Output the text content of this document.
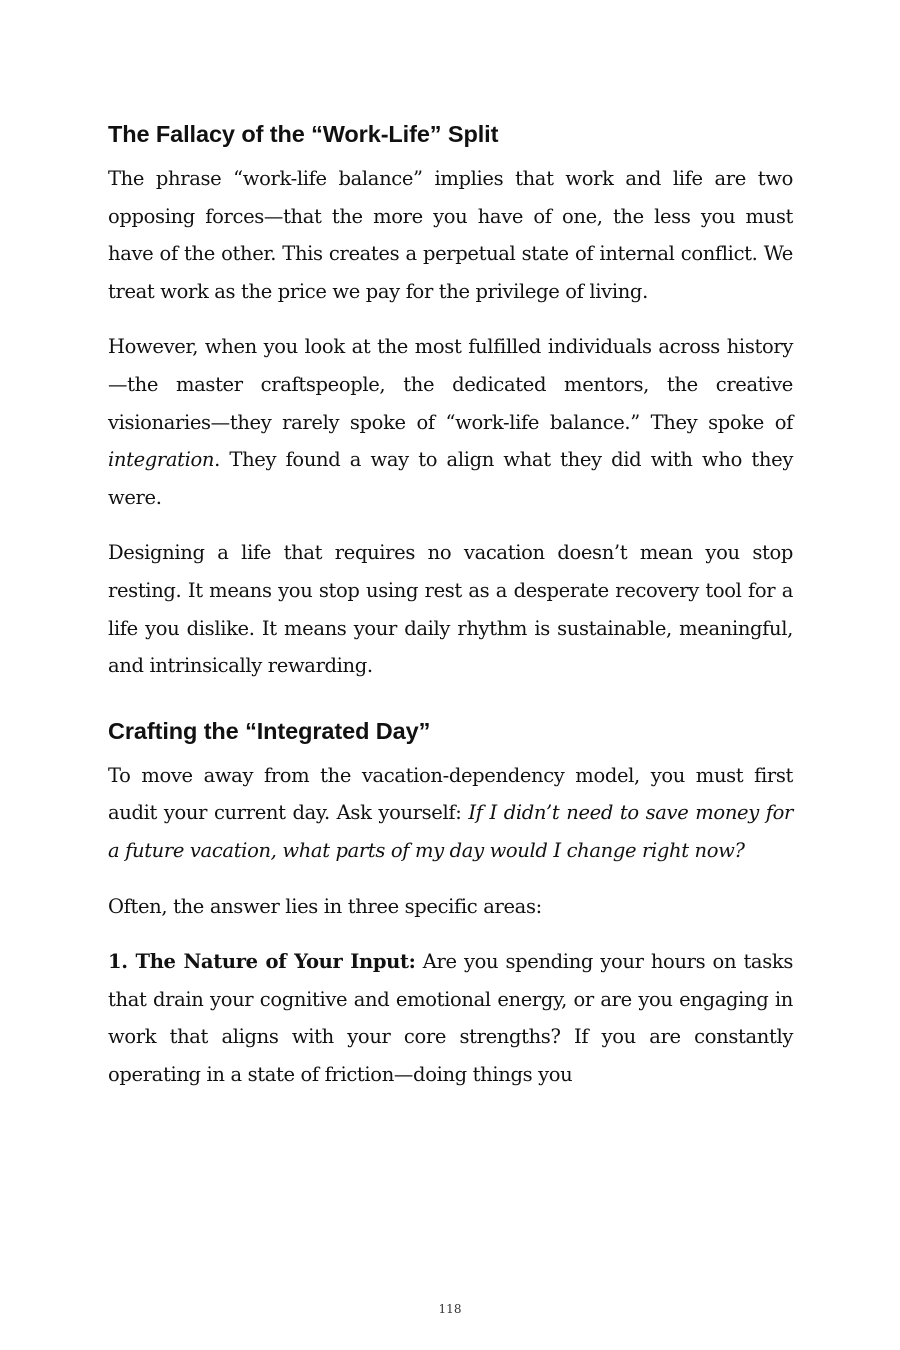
The Fallacy of the “Work-Life” Split

The phrase “work-life balance” implies that work and life are two opposing forces—that the more you have of one, the less you must have of the other. This creates a perpetual state of internal conflict. We treat work as the price we pay for the privilege of living.

However, when you look at the most fulfilled individuals across history—the master craftspeople, the dedicated mentors, the creative visionaries—they rarely spoke of “work-life balance.” They spoke of integration. They found a way to align what they did with who they were.

Designing a life that requires no vacation doesn’t mean you stop resting. It means you stop using rest as a desperate recovery tool for a life you dislike. It means your daily rhythm is sustainable, meaningful, and intrinsically rewarding.

Crafting the “Integrated Day”

To move away from the vacation-dependency model, you must first audit your current day. Ask yourself: If I didn’t need to save money for a future vacation, what parts of my day would I change right now?

Often, the answer lies in three specific areas:

1. The Nature of Your Input: Are you spending your hours on tasks that drain your cognitive and emotional energy, or are you engaging in work that aligns with your core strengths? If you are constantly operating in a state of friction—doing things you

118
